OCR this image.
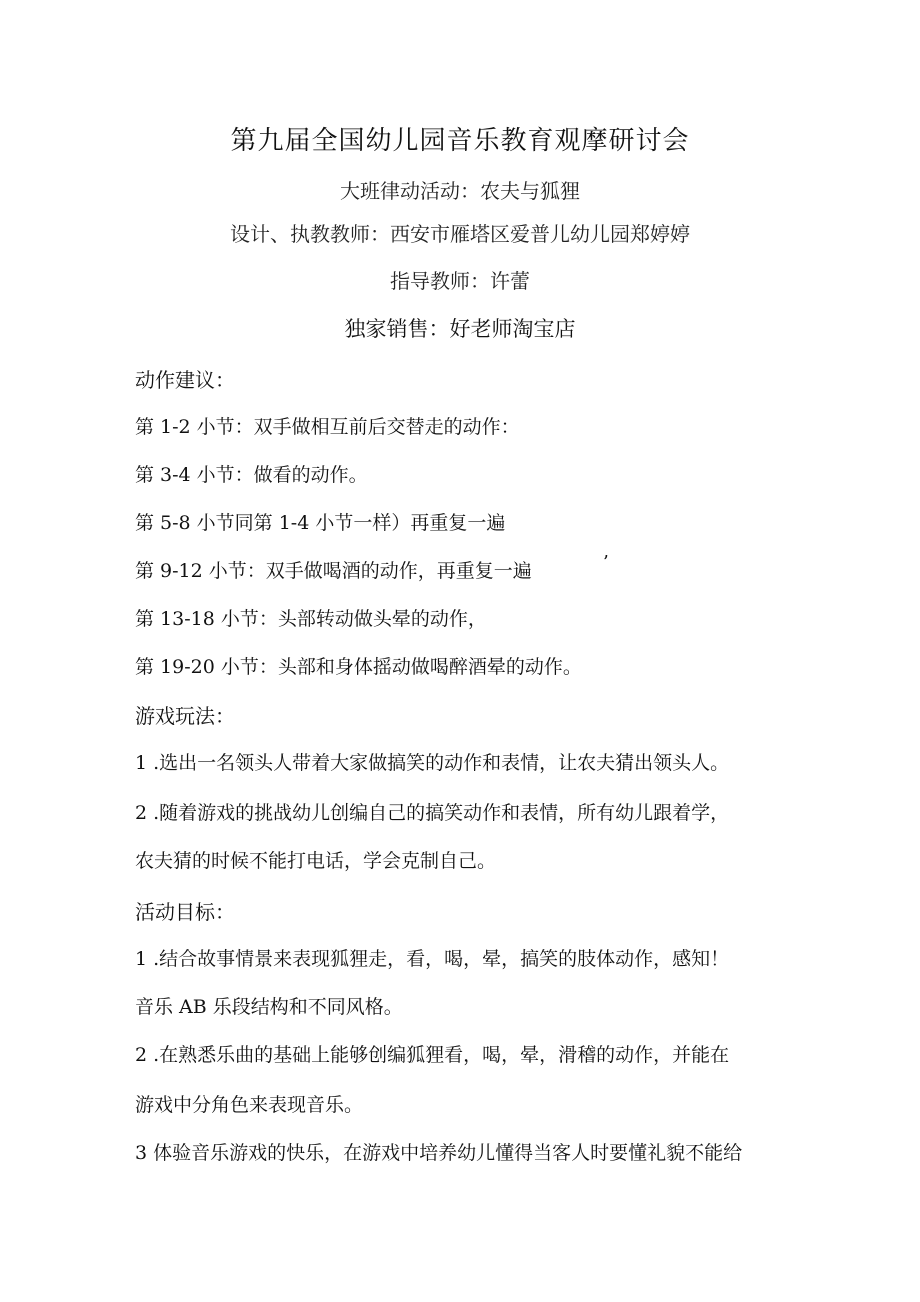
第九届全国幼儿园音乐教育观摩研讨会
大班律动活动：农夫与狐狸
设计、执教教师：西安市雁塔区爱普儿幼儿园郑婷婷
指导教师：许蕾
独家销售：好老师淘宝店
动作建议：
第 1-2 小节：双手做相互前后交替走的动作：
第 3-4 小节：做看的动作。
第 5-8 小节同第 1-4 小节一样）再重复一遍
第 9-12 小节：双手做喝酒的动作，再重复一遍	’
第 13-18 小节：头部转动做头晕的动作，
第 19-20 小节：头部和身体摇动做喝醉酒晕的动作。
游戏玩法：
1 .选出一名领头人带着大家做搞笑的动作和表情，让农夫猜出领头人。
2 .随着游戏的挑战幼儿创编自己的搞笑动作和表情，所有幼儿跟着学，
农夫猜的时候不能打电话，学会克制自己。
活动目标：
1 .结合故事情景来表现狐狸走，看，喝，晕，搞笑的肢体动作，感知！
音乐 AB 乐段结构和不同风格。
2 .在熟悉乐曲的基础上能够创编狐狸看，喝，晕，滑稽的动作，并能在
游戏中分角色来表现音乐。
3 体验音乐游戏的快乐，在游戏中培养幼儿懂得当客人时要懂礼貌不能给
